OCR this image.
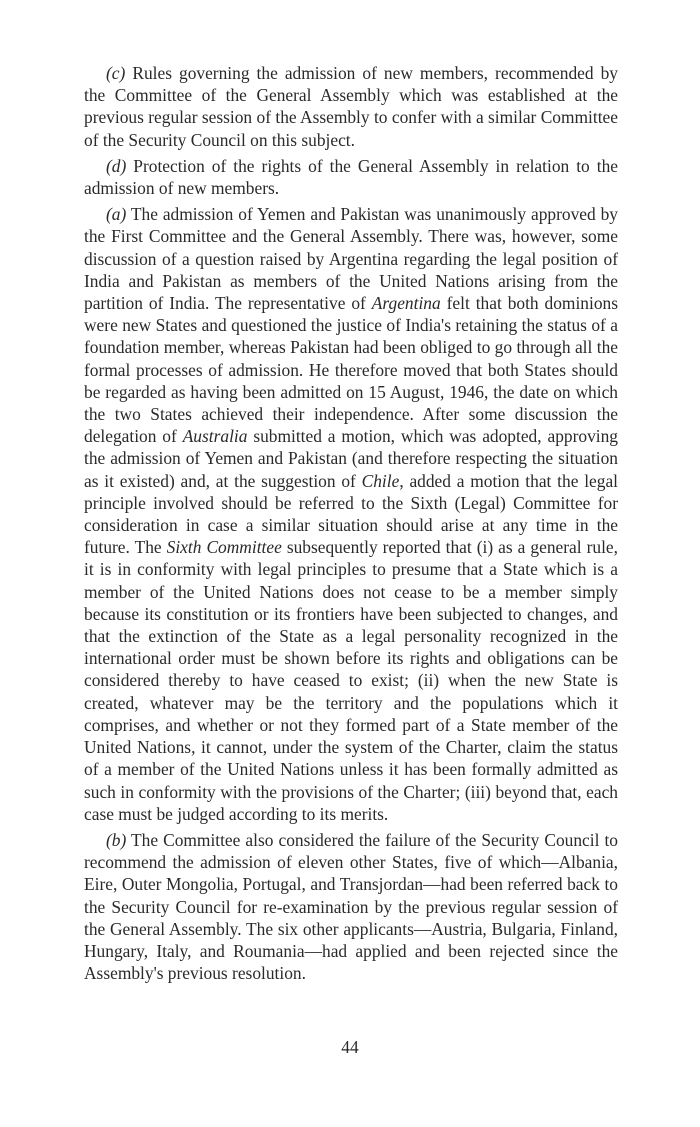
(c) Rules governing the admission of new members, recommended by the Committee of the General Assembly which was established at the previous regular session of the Assembly to confer with a similar Committee of the Security Council on this subject.

(d) Protection of the rights of the General Assembly in relation to the admission of new members.

(a) The admission of Yemen and Pakistan was unanimously approved by the First Committee and the General Assembly. There was, however, some discussion of a question raised by Argentina regarding the legal position of India and Pakistan as members of the United Nations arising from the partition of India. The representative of Argentina felt that both dominions were new States and questioned the justice of India's retaining the status of a foundation member, whereas Pakistan had been obliged to go through all the formal processes of admission. He therefore moved that both States should be regarded as having been admitted on 15 August, 1946, the date on which the two States achieved their independence. After some discussion the delegation of Australia submitted a motion, which was adopted, approving the admission of Yemen and Pakistan (and therefore respecting the situation as it existed) and, at the suggestion of Chile, added a motion that the legal principle involved should be referred to the Sixth (Legal) Committee for consideration in case a similar situation should arise at any time in the future. The Sixth Committee subsequently reported that (i) as a general rule, it is in conformity with legal principles to presume that a State which is a member of the United Nations does not cease to be a member simply because its constitution or its frontiers have been subjected to changes, and that the extinction of the State as a legal personality recognized in the international order must be shown before its rights and obligations can be considered thereby to have ceased to exist; (ii) when the new State is created, whatever may be the territory and the populations which it comprises, and whether or not they formed part of a State member of the United Nations, it cannot, under the system of the Charter, claim the status of a member of the United Nations unless it has been formally admitted as such in conformity with the provisions of the Charter; (iii) beyond that, each case must be judged according to its merits.

(b) The Committee also considered the failure of the Security Council to recommend the admission of eleven other States, five of which—Albania, Eire, Outer Mongolia, Portugal, and Transjordan—had been referred back to the Security Council for re-examination by the previous regular session of the General Assembly. The six other applicants—Austria, Bulgaria, Finland, Hungary, Italy, and Roumania—had applied and been rejected since the Assembly's previous resolution.

44
